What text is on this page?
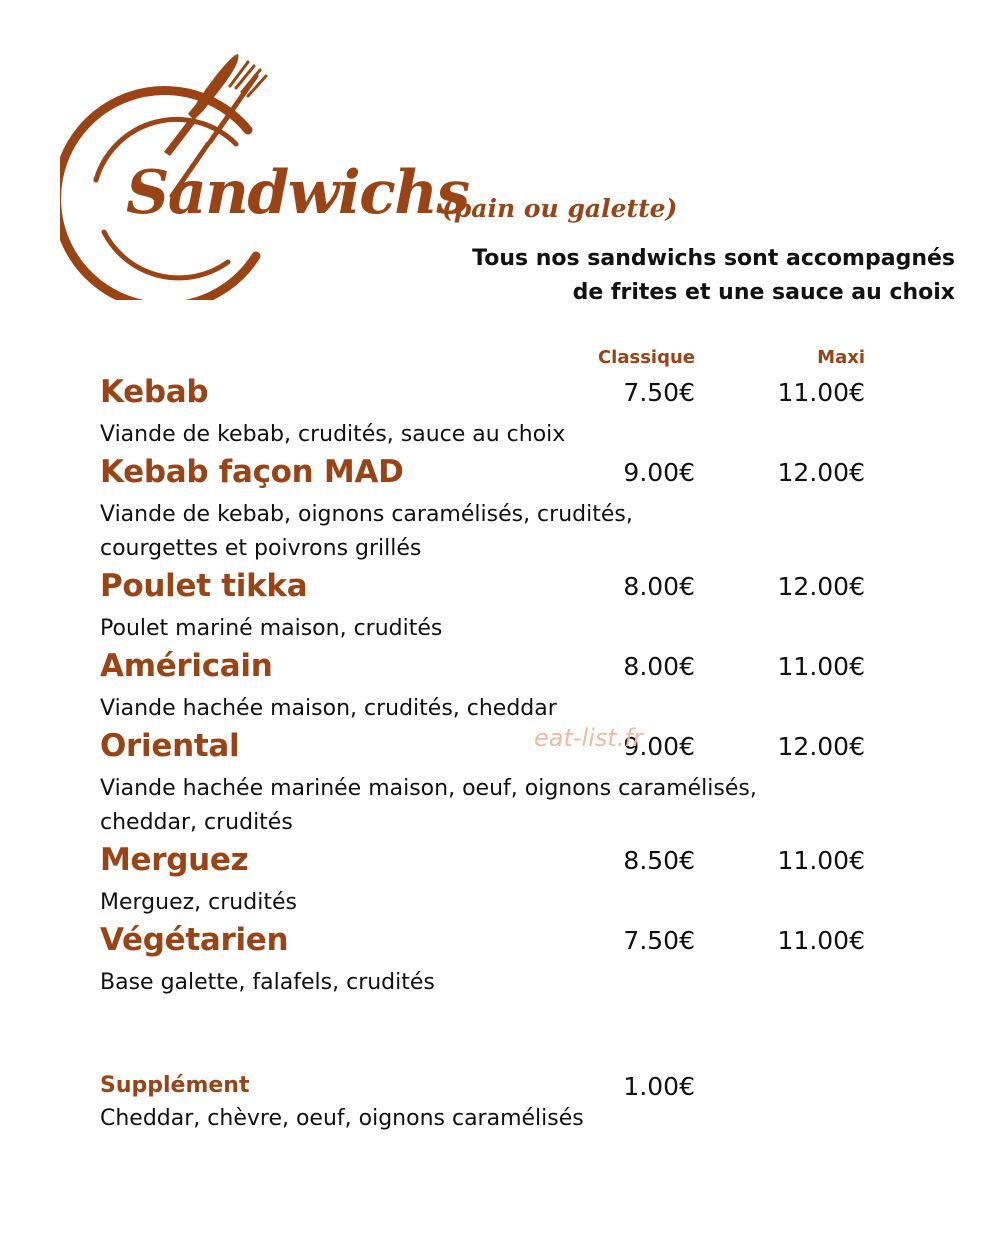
Sandwichs
(pain ou galette)
Tous nos sandwichs sont accompagnés
de frites et une sauce au choix
Classique	Maxi
Kebab	7.50€	11.00€
Viande de kebab, crudités, sauce au choix
Kebab façon MAD	9.00€	12.00€
Viande de kebab, oignons caramélisés, crudités,
courgettes et poivrons grillés
Poulet tikka	8.00€	12.00€
Poulet mariné maison, crudités
Américain	8.00€	11.00€
Viande hachée maison, crudités, cheddar
Oriental	9.00€	12.00€
Viande hachée marinée maison, oeuf, oignons caramélisés,
cheddar, crudités
Merguez	8.50€	11.00€
Merguez, crudités
Végétarien	7.50€	11.00€
Base galette, falafels, crudités
eat-list.fr
Supplément	1.00€
Cheddar, chèvre, oeuf, oignons caramélisés
